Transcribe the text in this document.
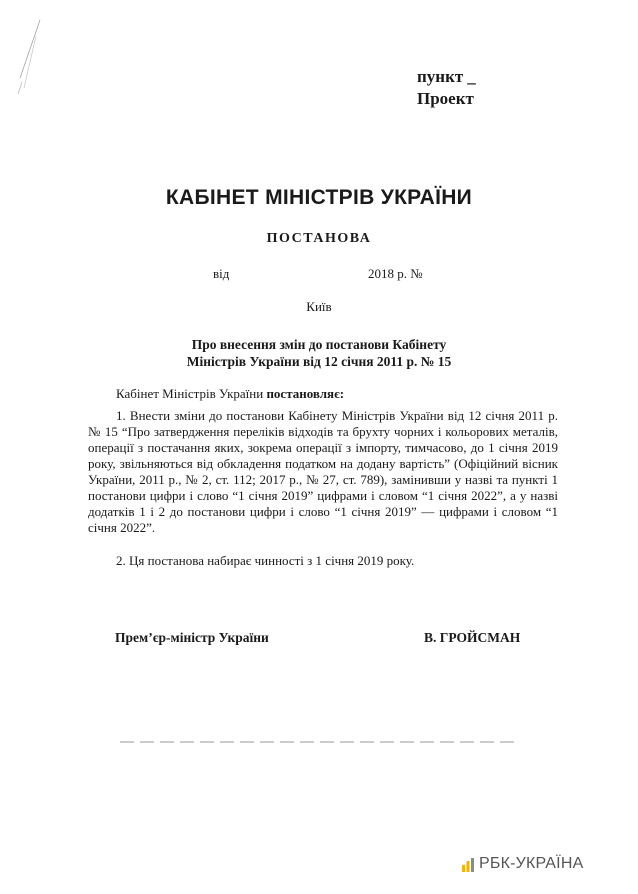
пункт _
Проект
КАБІНЕТ МІНІСТРІВ УКРАЇНИ
ПОСТАНОВА
від	2018 р. №
Київ
Про внесення змін до постанови Кабінету
Міністрів України від 12 січня 2011 р. № 15
Кабінет Міністрів України постановляє:
1. Внести зміни до постанови Кабінету Міністрів України від 12 січня 2011 р. № 15 “Про затвердження переліків відходів та брухту чорних і кольорових металів, операції з постачання яких, зокрема операції з імпорту, тимчасово, до 1 січня 2019 року, звільняються від обкладення податком на додану вартість” (Офіційний вісник України, 2011 р., № 2, ст. 112; 2017 р., № 27, ст. 789), замінивши у назві та пункті 1 постанови цифри і слово “1 січня 2019” цифрами і словом “1 січня 2022”, а у назві додатків 1 і 2 до постанови цифри і слово “1 січня 2019” — цифрами і словом “1 січня 2022”.
2. Ця постанова набирає чинності з 1 січня 2019 року.
Прем’єр-міністр України	В. ГРОЙСМАН
РБК-УКРАЇНА
